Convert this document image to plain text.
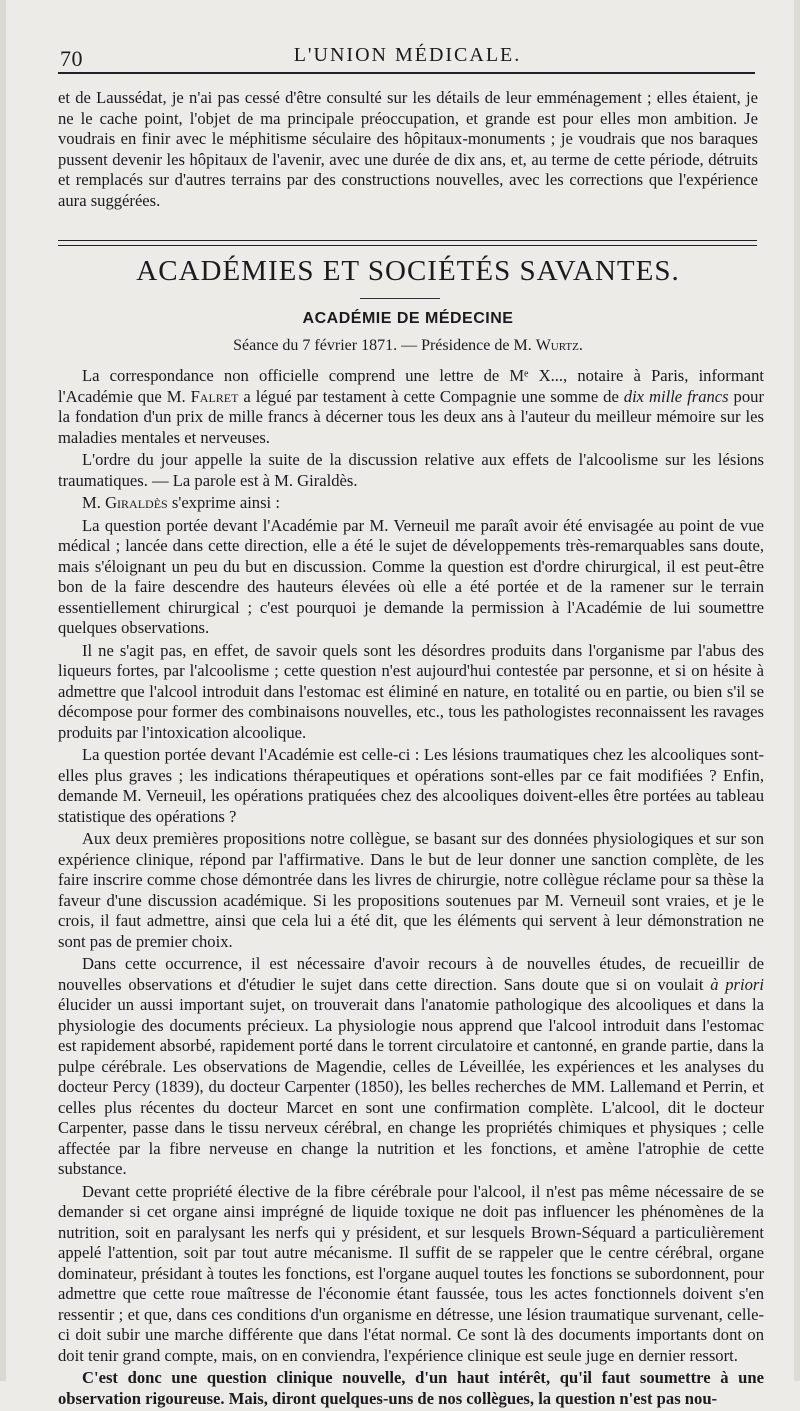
70	L'UNION MÉDICALE.

et de Laussédat, je n'ai pas cessé d'être consulté sur les détails de leur emménagement ; elles étaient, je ne le cache point, l'objet de ma principale préoccupation, et grande est pour elles mon ambition. Je voudrais en finir avec le méphitisme séculaire des hôpitaux-monuments ; je voudrais que nos baraques pussent devenir les hôpitaux de l'avenir, avec une durée de dix ans, et, au terme de cette période, détruits et remplacés sur d'autres terrains par des constructions nouvelles, avec les corrections que l'expérience aura suggérées.

ACADÉMIES ET SOCIÉTÉS SAVANTES.
ACADÉMIE DE MÉDECINE
Séance du 7 février 1871. — Présidence de M. Wurtz.

La correspondance non officielle comprend une lettre de Mᵉ X..., notaire à Paris, informant l'Académie que M. Falret a légué par testament à cette Compagnie une somme de dix mille francs pour la fondation d'un prix de mille francs à décerner tous les deux ans à l'auteur du meilleur mémoire sur les maladies mentales et nerveuses.

L'ordre du jour appelle la suite de la discussion relative aux effets de l'alcoolisme sur les lésions traumatiques. — La parole est à M. Giraldès.

M. Giraldès s'exprime ainsi :

La question portée devant l'Académie par M. Verneuil me paraît avoir été envisagée au point de vue médical ; lancée dans cette direction, elle a été le sujet de développements très-remarquables sans doute, mais s'éloignant un peu du but en discussion. Comme la question est d'ordre chirurgical, il est peut-être bon de la faire descendre des hauteurs élevées où elle a été portée et de la ramener sur le terrain essentiellement chirurgical ; c'est pourquoi je demande la permission à l'Académie de lui soumettre quelques observations.

Il ne s'agit pas, en effet, de savoir quels sont les désordres produits dans l'organisme par l'abus des liqueurs fortes, par l'alcoolisme ; cette question n'est aujourd'hui contestée par personne, et si on hésite à admettre que l'alcool introduit dans l'estomac est éliminé en nature, en totalité ou en partie, ou bien s'il se décompose pour former des combinaisons nouvelles, etc., tous les pathologistes reconnaissent les ravages produits par l'intoxication alcoolique.

La question portée devant l'Académie est celle-ci : Les lésions traumatiques chez les alcooliques sont-elles plus graves ; les indications thérapeutiques et opérations sont-elles par ce fait modifiées ? Enfin, demande M. Verneuil, les opérations pratiquées chez des alcooliques doivent-elles être portées au tableau statistique des opérations ?

Aux deux premières propositions notre collègue, se basant sur des données physiologiques et sur son expérience clinique, répond par l'affirmative. Dans le but de leur donner une sanction complète, de les faire inscrire comme chose démontrée dans les livres de chirurgie, notre collègue réclame pour sa thèse la faveur d'une discussion académique. Si les propositions soutenues par M. Verneuil sont vraies, et je le crois, il faut admettre, ainsi que cela lui a été dit, que les éléments qui servent à leur démonstration ne sont pas de premier choix.

Dans cette occurrence, il est nécessaire d'avoir recours à de nouvelles études, de recueillir de nouvelles observations et d'étudier le sujet dans cette direction. Sans doute que si on voulait à priori élucider un aussi important sujet, on trouverait dans l'anatomie pathologique des alcooliques et dans la physiologie des documents précieux. La physiologie nous apprend que l'alcool introduit dans l'estomac est rapidement absorbé, rapidement porté dans le torrent circulatoire et cantonné, en grande partie, dans la pulpe cérébrale. Les observations de Magendie, celles de Léveillée, les expériences et les analyses du docteur Percy (1839), du docteur Carpenter (1850), les belles recherches de MM. Lallemand et Perrin, et celles plus récentes du docteur Marcet en sont une confirmation complète. L'alcool, dit le docteur Carpenter, passe dans le tissu nerveux cérébral, en change les propriétés chimiques et physiques ; celle affectée par la fibre nerveuse en change la nutrition et les fonctions, et amène l'atrophie de cette substance.

Devant cette propriété élective de la fibre cérébrale pour l'alcool, il n'est pas même nécessaire de se demander si cet organe ainsi imprégné de liquide toxique ne doit pas influencer les phénomènes de la nutrition, soit en paralysant les nerfs qui y président, et sur lesquels Brown-Séquard a particulièrement appelé l'attention, soit par tout autre mécanisme. Il suffit de se rappeler que le centre cérébral, organe dominateur, présidant à toutes les fonctions, est l'organe auquel toutes les fonctions se subordonnent, pour admettre que cette roue maîtresse de l'économie étant faussée, tous les actes fonctionnels doivent s'en ressentir ; et que, dans ces conditions d'un organisme en détresse, une lésion traumatique survenant, celle-ci doit subir une marche différente que dans l'état normal. Ce sont là des documents importants dont on doit tenir grand compte, mais, on en conviendra, l'expérience clinique est seule juge en dernier ressort.

C'est donc une question clinique nouvelle, d'un haut intérêt, qu'il faut soumettre à une observation rigoureuse. Mais, diront quelques-uns de nos collègues, la question n'est pas nou-
